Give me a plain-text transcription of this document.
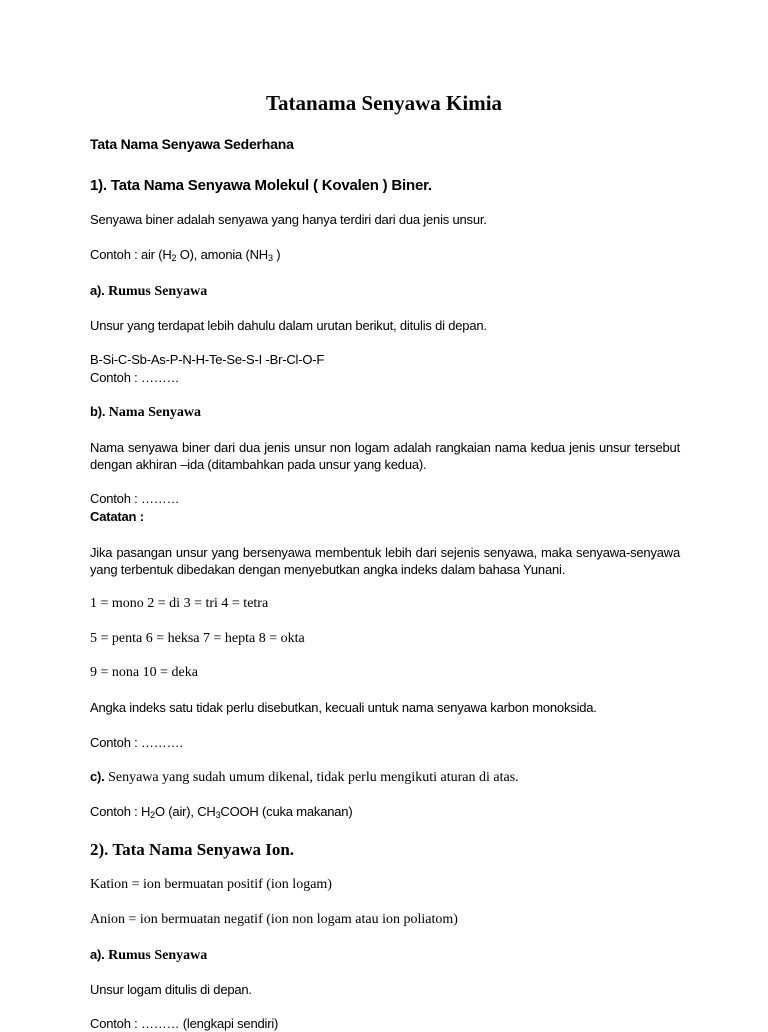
Tatanama Senyawa Kimia

Tata Nama Senyawa Sederhana

1). Tata Nama Senyawa Molekul ( Kovalen ) Biner.

Senyawa biner adalah senyawa yang hanya terdiri dari dua jenis unsur.

Contoh : air (H2 O), amonia (NH3 )

a). Rumus Senyawa

Unsur yang terdapat lebih dahulu dalam urutan berikut, ditulis di depan.

B-Si-C-Sb-As-P-N-H-Te-Se-S-I -Br-Cl-O-F

Contoh : ………

b). Nama Senyawa

Nama senyawa biner dari dua jenis unsur non logam adalah rangkaian nama kedua jenis unsur tersebut dengan akhiran –ida (ditambahkan pada unsur yang kedua).

Contoh : ………

Catatan :

Jika pasangan unsur yang bersenyawa membentuk lebih dari sejenis senyawa, maka senyawa-senyawa yang terbentuk dibedakan dengan menyebutkan angka indeks dalam bahasa Yunani.

1 = mono 2 = di 3 = tri 4 = tetra

5 = penta 6 = heksa 7 = hepta 8 = okta

9 = nona 10 = deka

Angka indeks satu tidak perlu disebutkan, kecuali untuk nama senyawa karbon monoksida.

Contoh : ……….

c). Senyawa yang sudah umum dikenal, tidak perlu mengikuti aturan di atas.

Contoh : H2O (air), CH3COOH (cuka makanan)

2). Tata Nama Senyawa Ion.

Kation = ion bermuatan positif (ion logam)

Anion = ion bermuatan negatif (ion non logam atau ion poliatom)

a). Rumus Senyawa

Unsur logam ditulis di depan.

Contoh : ……… (lengkapi sendiri)
